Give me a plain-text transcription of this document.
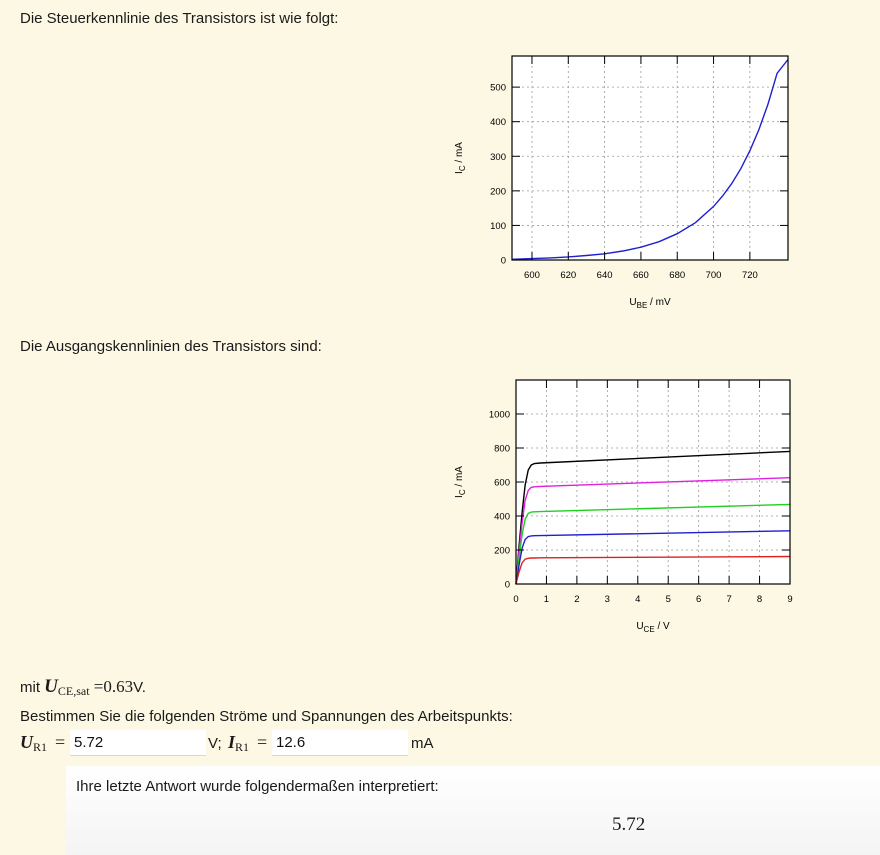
Die Steuerkennlinie des Transistors ist wie folgt:

600 620 640 660 680 700 720
0
100
200
300
400
500
$U_{BE}$ / mV
$I_C$ / mA

Die Ausgangskennlinien des Transistors sind:

0	1	2	3	4	5	6	7	8	9
0
200
400
600
800
1000
$U_{CE}$ / V
$I_C$ / mA
mit $U_{CE,sat} =0.63V$.

Bestimmen Sie die folgenden Ströme und Spannungen des Arbeitspunkts:

$U_{R1}$ =
5.72	V; $I_{R1}$ =
12.6	mA

Ihre letzte Antwort wurde folgendermaßen interpretiert:

5.72
